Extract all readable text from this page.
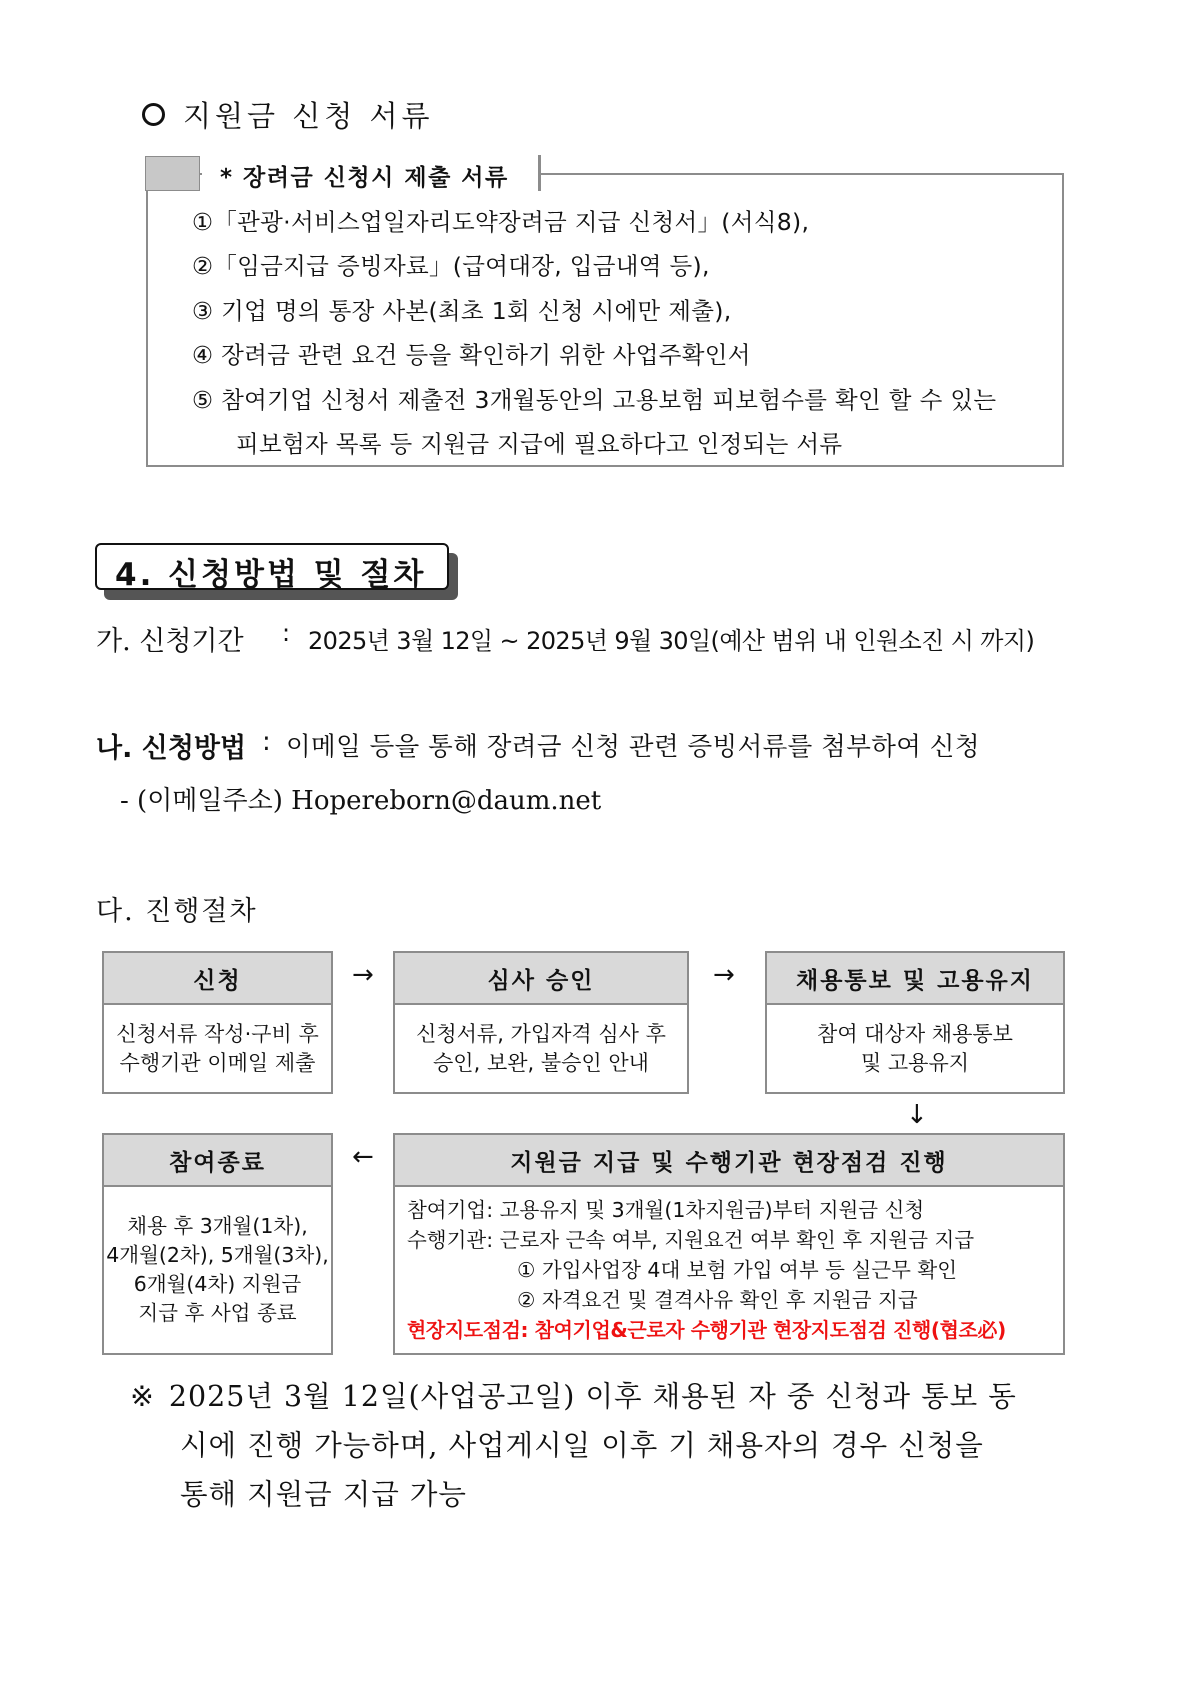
지원금 신청 서류
* 장려금 신청시 제출 서류
①「관광·서비스업일자리도약장려금 지급 신청서」(서식8),
②「임금지급 증빙자료」(급여대장, 입금내역 등),
③ 기업 명의 통장 사본(최초 1회 신청 시에만 제출),
④ 장려금 관련 요건 등을 확인하기 위한 사업주확인서
⑤ 참여기업 신청서 제출전 3개월동안의 고용보험 피보험수를 확인 할 수 있는
피보험자 목록 등 지원금 지급에 필요하다고 인정되는 서류
4. 신청방법 및 절차
가. 신청기간 : 2025년 3월 12일 ~ 2025년 9월 30일(예산 범위 내 인원소진 시 까지)
나. 신청방법 : 이메일 등을 통해 장려금 신청 관련 증빙서류를 첨부하여 신청
- (이메일주소) Hopereborn@daum.net
다. 진행절차
신청
신청서류 작성·구비 후
수행기관 이메일 제출
→	심사 승인
신청서류, 가입자격 심사 후
승인, 보완, 불승인 안내
→	채용통보 및 고용유지
참여 대상자 채용통보
및 고용유지
↓
참여종료
채용 후 3개월(1차),
4개월(2차), 5개월(3차),
6개월(4차) 지원금
지급 후 사업 종료
←	지원금 지급 및 수행기관 현장점검 진행
참여기업: 고용유지 및 3개월(1차지원금)부터 지원금 신청
수행기관: 근로자 근속 여부, 지원요건 여부 확인 후 지원금 지급
① 가입사업장 4대 보험 가입 여부 등 실근무 확인
② 자격요건 및 결격사유 확인 후 지원금 지급
현장지도점검: 참여기업&근로자 수행기관 현장지도점검 진행(협조必)
※ 2025년 3월 12일(사업공고일) 이후 채용된 자 중 신청과 통보 동
시에 진행 가능하며, 사업게시일 이후 기 채용자의 경우 신청을
통해 지원금 지급 가능
